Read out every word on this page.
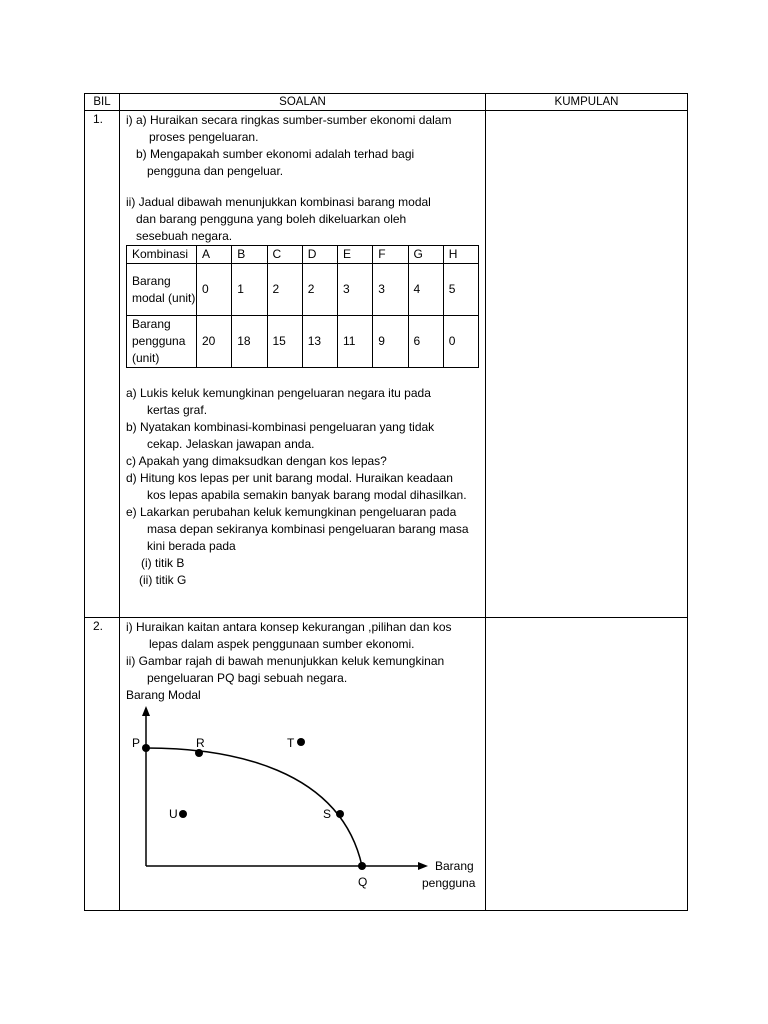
BIL	SOALAN	KUMPULAN

1.	i) a) Huraikan secara ringkas sumber-sumber ekonomi dalam

proses pengeluaran.

b) Mengapakah sumber ekonomi adalah terhad bagi

pengguna dan pengeluar.

ii) Jadual dibawah menunjukkan kombinasi barang modal

dan barang pengguna yang boleh dikeluarkan oleh

sesebuah negara.

Kombinasi	A	B	C	D	E	F	G	H
Barang modal (unit)	0	1	2	2	3	3	4	5
Barang pengguna (unit)	20	18	15	13	11	9	6	0

a) Lukis keluk kemungkinan pengeluaran negara itu pada

kertas graf.

b) Nyatakan kombinasi-kombinasi pengeluaran yang tidak

cekap. Jelaskan jawapan anda.

c) Apakah yang dimaksudkan dengan kos lepas?

d) Hitung kos lepas per unit barang modal. Huraikan keadaan

kos lepas apabila semakin banyak barang modal dihasilkan.

e) Lakarkan perubahan keluk kemungkinan pengeluaran pada

masa depan sekiranya kombinasi pengeluaran barang masa

kini berada pada

(i) titik B

(ii) titik G

2.	i) Huraikan kaitan antara konsep kekurangan ,pilihan dan kos

lepas dalam aspek penggunaan sumber ekonomi.

ii) Gambar rajah di bawah menunjukkan keluk kemungkinan

pengeluaran PQ bagi sebuah negara.

Barang Modal

P	R	T
U	S
Q
Barang
pengguna
